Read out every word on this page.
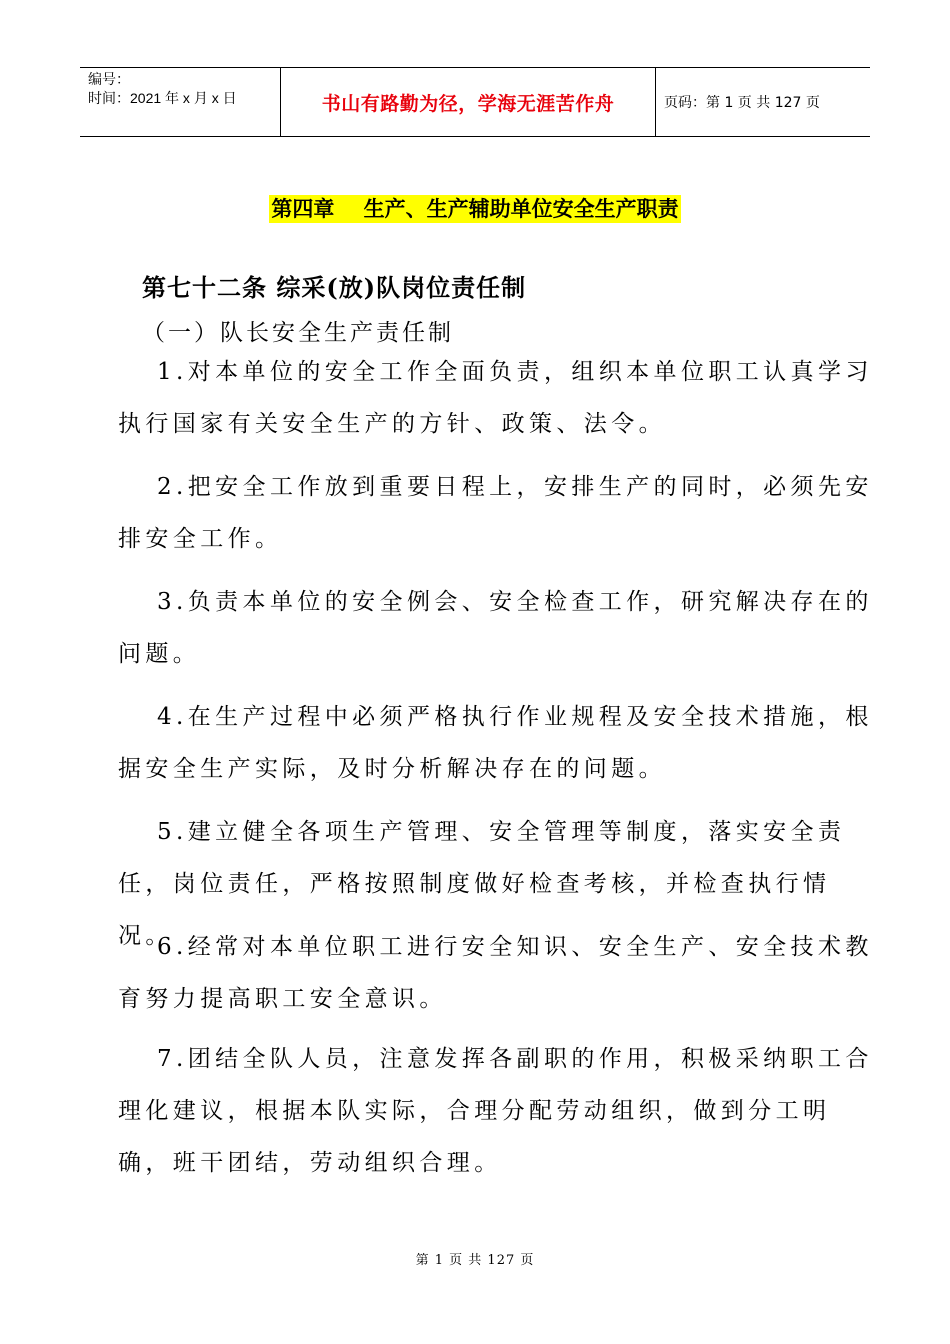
编号：
时间：2021 年 x 月 x 日	书山有路勤为径，学海无涯苦作舟	页码：第 1 页 共 127 页
第四章    生产、生产辅助单位安全生产职责
第七十二条 综采(放)队岗位责任制
（一）队长安全生产责任制

1.对本单位的安全工作全面负责，组织本单位职工认真学习执行国家有关安全生产的方针、政策、法令。

2.把安全工作放到重要日程上，安排生产的同时，必须先安排安全工作。

3.负责本单位的安全例会、安全检查工作，研究解决存在的问题。

4.在生产过程中必须严格执行作业规程及安全技术措施，根据安全生产实际，及时分析解决存在的问题。

5.建立健全各项生产管理、安全管理等制度，落实安全责任，岗位责任，严格按照制度做好检查考核，并检查执行情况。

6.经常对本单位职工进行安全知识、安全生产、安全技术教育努力提高职工安全意识。

7.团结全队人员，注意发挥各副职的作用，积极采纳职工合理化建议，根据本队实际，合理分配劳动组织，做到分工明确，班干团结，劳动组织合理。

第 1 页 共 127 页
